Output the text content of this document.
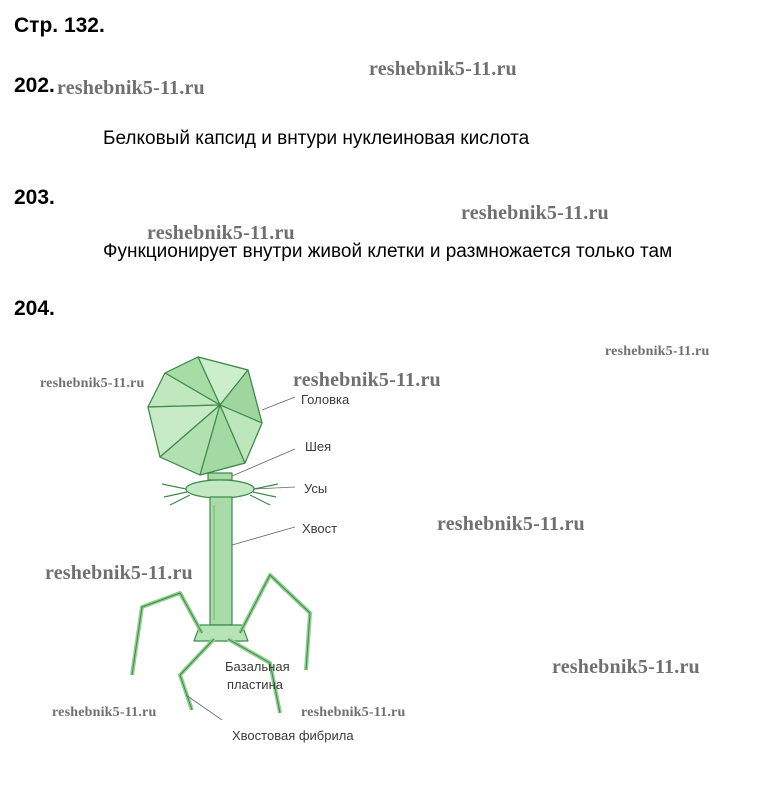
Стр. 132.
202.
Белковый капсид и внтури нуклеиновая кислота
203.
Функционирует внутри живой клетки и размножается только там
204.
Головка
Шея
Усы
Хвост
Базальная
пластина
Хвостовая фибрила
reshebnik5-11.ru
reshebnik5-11.ru
reshebnik5-11.ru
reshebnik5-11.ru
reshebnik5-11.ru
reshebnik5-11.ru	reshebnik5-11.ru
reshebnik5-11.ru
reshebnik5-11.ru
reshebnik5-11.ru
reshebnik5-11.ru	reshebnik5-11.ru
